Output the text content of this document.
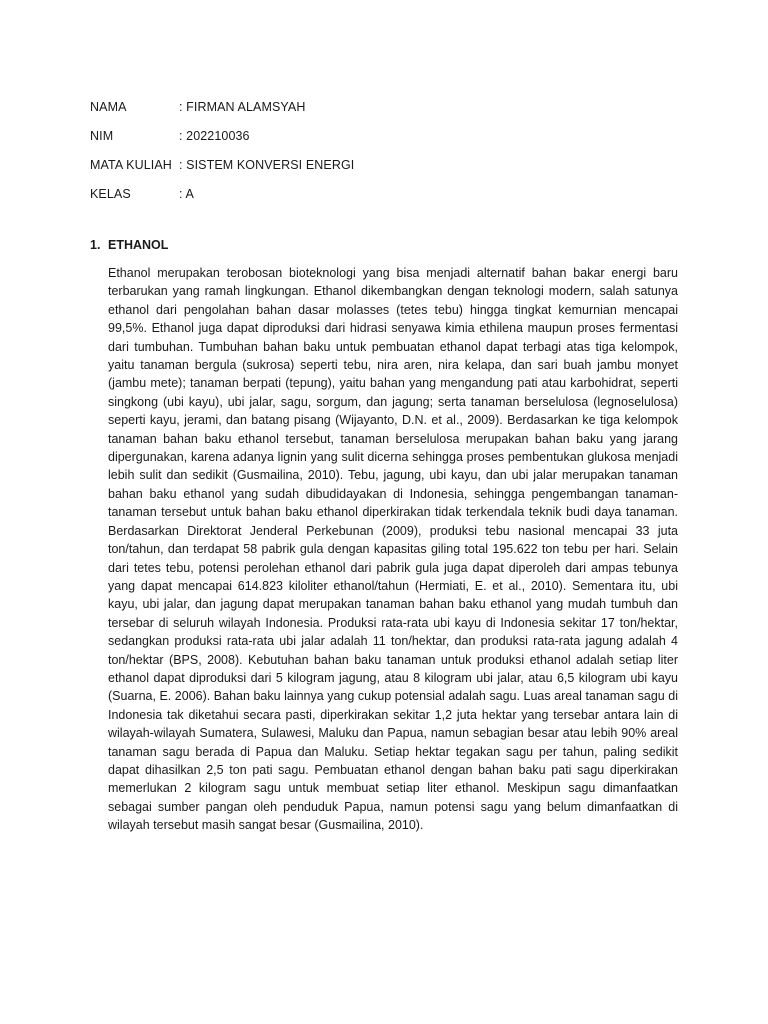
NAMA	: FIRMAN ALAMSYAH
NIM	: 202210036
MATA KULIAH : SISTEM KONVERSI ENERGI
KELAS	: A
1. ETHANOL

Ethanol merupakan terobosan bioteknologi yang bisa menjadi alternatif bahan bakar energi baru terbarukan yang ramah lingkungan. Ethanol dikembangkan dengan teknologi modern, salah satunya ethanol dari pengolahan bahan dasar molasses (tetes tebu) hingga tingkat kemurnian mencapai 99,5%. Ethanol juga dapat diproduksi dari hidrasi senyawa kimia ethilena maupun proses fermentasi dari tumbuhan. Tumbuhan bahan baku untuk pembuatan ethanol dapat terbagi atas tiga kelompok, yaitu tanaman bergula (sukrosa) seperti tebu, nira aren, nira kelapa, dan sari buah jambu monyet (jambu mete); tanaman berpati (tepung), yaitu bahan yang mengandung pati atau karbohidrat, seperti singkong (ubi kayu), ubi jalar, sagu, sorgum, dan jagung; serta tanaman berselulosa (legnoselulosa) seperti kayu, jerami, dan batang pisang (Wijayanto, D.N. et al., 2009). Berdasarkan ke tiga kelompok tanaman bahan baku ethanol tersebut, tanaman berselulosa merupakan bahan baku yang jarang dipergunakan, karena adanya lignin yang sulit dicerna sehingga proses pembentukan glukosa menjadi lebih sulit dan sedikit (Gusmailina, 2010). Tebu, jagung, ubi kayu, dan ubi jalar merupakan tanaman bahan baku ethanol yang sudah dibudidayakan di Indonesia, sehingga pengembangan tanaman-tanaman tersebut untuk bahan baku ethanol diperkirakan tidak terkendala teknik budi daya tanaman. Berdasarkan Direktorat Jenderal Perkebunan (2009), produksi tebu nasional mencapai 33 juta ton/tahun, dan terdapat 58 pabrik gula dengan kapasitas giling total 195.622 ton tebu per hari. Selain dari tetes tebu, potensi perolehan ethanol dari pabrik gula juga dapat diperoleh dari ampas tebunya yang dapat mencapai 614.823 kiloliter ethanol/tahun (Hermiati, E. et al., 2010). Sementara itu, ubi kayu, ubi jalar, dan jagung dapat merupakan tanaman bahan baku ethanol yang mudah tumbuh dan tersebar di seluruh wilayah Indonesia. Produksi rata-rata ubi kayu di Indonesia sekitar 17 ton/hektar, sedangkan produksi rata-rata ubi jalar adalah 11 ton/hektar, dan produksi rata-rata jagung adalah 4 ton/hektar (BPS, 2008). Kebutuhan bahan baku tanaman untuk produksi ethanol adalah setiap liter ethanol dapat diproduksi dari 5 kilogram jagung, atau 8 kilogram ubi jalar, atau 6,5 kilogram ubi kayu (Suarna, E. 2006). Bahan baku lainnya yang cukup potensial adalah sagu. Luas areal tanaman sagu di Indonesia tak diketahui secara pasti, diperkirakan sekitar 1,2 juta hektar yang tersebar antara lain di wilayah-wilayah Sumatera, Sulawesi, Maluku dan Papua, namun sebagian besar atau lebih 90% areal tanaman sagu berada di Papua dan Maluku. Setiap hektar tegakan sagu per tahun, paling sedikit dapat dihasilkan 2,5 ton pati sagu. Pembuatan ethanol dengan bahan baku pati sagu diperkirakan memerlukan 2 kilogram sagu untuk membuat setiap liter ethanol. Meskipun sagu dimanfaatkan sebagai sumber pangan oleh penduduk Papua, namun potensi sagu yang belum dimanfaatkan di wilayah tersebut masih sangat besar (Gusmailina, 2010).
